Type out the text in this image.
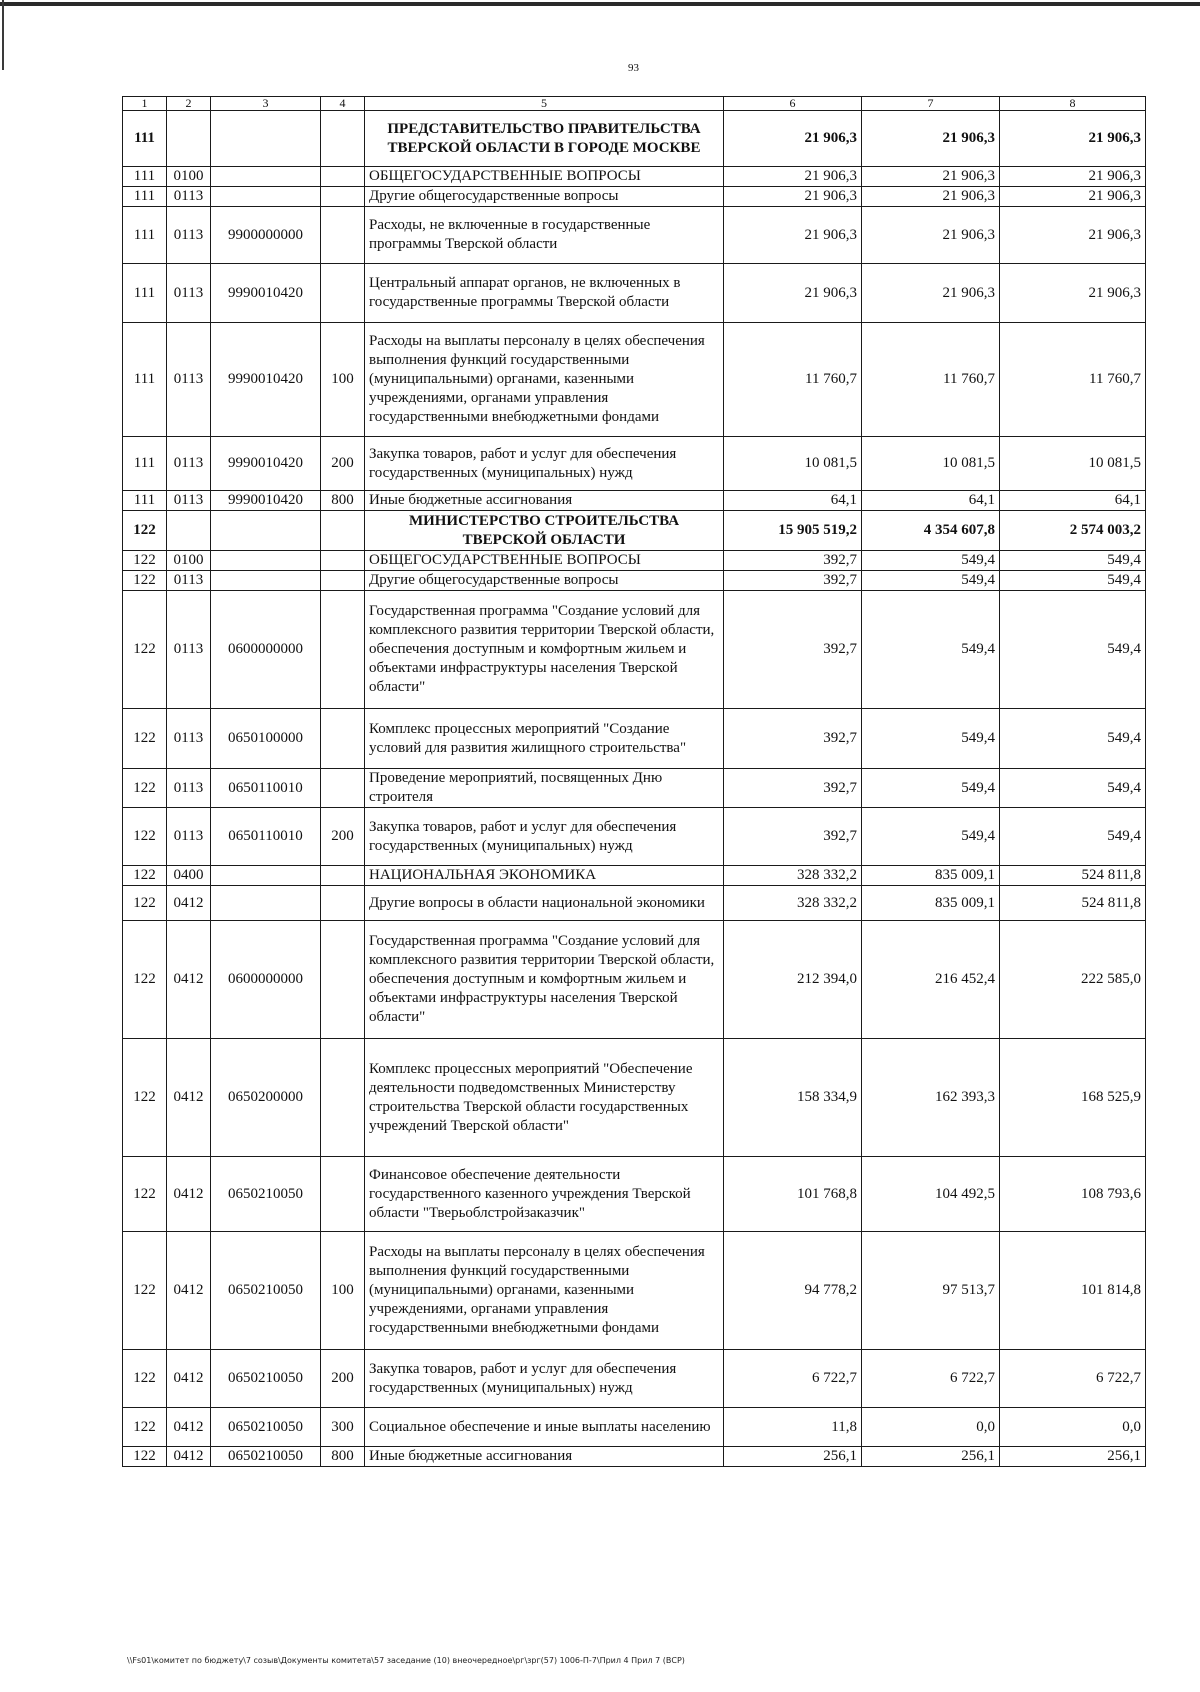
93
1	2	3	4	5	6	7	8
111				ПРЕДСТАВИТЕЛЬСТВО ПРАВИТЕЛЬСТВА ТВЕРСКОЙ ОБЛАСТИ В ГОРОДЕ МОСКВЕ	21 906,3	21 906,3	21 906,3
111	0100			ОБЩЕГОСУДАРСТВЕННЫЕ ВОПРОСЫ	21 906,3	21 906,3	21 906,3
111	0113			Другие общегосударственные вопросы	21 906,3	21 906,3	21 906,3
111	0113	9900000000		Расходы, не включенные в государственные программы Тверской области	21 906,3	21 906,3	21 906,3
111	0113	9990010420		Центральный аппарат органов, не включенных в государственные программы Тверской области	21 906,3	21 906,3	21 906,3
111	0113	9990010420	100	Расходы на выплаты персоналу в целях обеспечения выполнения функций государственными (муниципальными) органами, казенными учреждениями, органами управления государственными внебюджетными фондами	11 760,7	11 760,7	11 760,7
111	0113	9990010420	200	Закупка товаров, работ и услуг для обеспечения государственных (муниципальных) нужд	10 081,5	10 081,5	10 081,5
111	0113	9990010420	800	Иные бюджетные ассигнования	64,1	64,1	64,1
122				МИНИСТЕРСТВО СТРОИТЕЛЬСТВА ТВЕРСКОЙ ОБЛАСТИ	15 905 519,2	4 354 607,8	2 574 003,2
122	0100			ОБЩЕГОСУДАРСТВЕННЫЕ ВОПРОСЫ	392,7	549,4	549,4
122	0113			Другие общегосударственные вопросы	392,7	549,4	549,4
122	0113	0600000000		Государственная программа "Создание условий для комплексного развития территории Тверской области, обеспечения доступным и комфортным жильем и объектами инфраструктуры населения Тверской области"	392,7	549,4	549,4
122	0113	0650100000		Комплекс процессных мероприятий "Создание условий для развития жилищного строительства"	392,7	549,4	549,4
122	0113	0650110010		Проведение мероприятий, посвященных Дню строителя	392,7	549,4	549,4
122	0113	0650110010	200	Закупка товаров, работ и услуг для обеспечения государственных (муниципальных) нужд	392,7	549,4	549,4
122	0400			НАЦИОНАЛЬНАЯ ЭКОНОМИКА	328 332,2	835 009,1	524 811,8
122	0412			Другие вопросы в области национальной экономики	328 332,2	835 009,1	524 811,8
122	0412	0600000000		Государственная программа "Создание условий для комплексного развития территории Тверской области, обеспечения доступным и комфортным жильем и объектами инфраструктуры населения Тверской области"	212 394,0	216 452,4	222 585,0
122	0412	0650200000		Комплекс процессных мероприятий "Обеспечение деятельности подведомственных Министерству строительства Тверской области государственных учреждений Тверской области"	158 334,9	162 393,3	168 525,9
122	0412	0650210050		Финансовое обеспечение деятельности государственного казенного учреждения Тверской области "Тверьоблстройзаказчик"	101 768,8	104 492,5	108 793,6
122	0412	0650210050	100	Расходы на выплаты персоналу в целях обеспечения выполнения функций государственными (муниципальными) органами, казенными учреждениями, органами управления государственными внебюджетными фондами	94 778,2	97 513,7	101 814,8
122	0412	0650210050	200	Закупка товаров, работ и услуг для обеспечения государственных (муниципальных) нужд	6 722,7	6 722,7	6 722,7
122	0412	0650210050	300	Социальное обеспечение и иные выплаты населению	11,8	0,0	0,0
122	0412	0650210050	800	Иные бюджетные ассигнования	256,1	256,1	256,1
\\Fs01\комитет по бюджету\7 созыв\Документы комитета\57 заседание (10) внеочередное\рг\зрг(57) 1006-П-7\Прил 4 Прил 7 (ВСР)
